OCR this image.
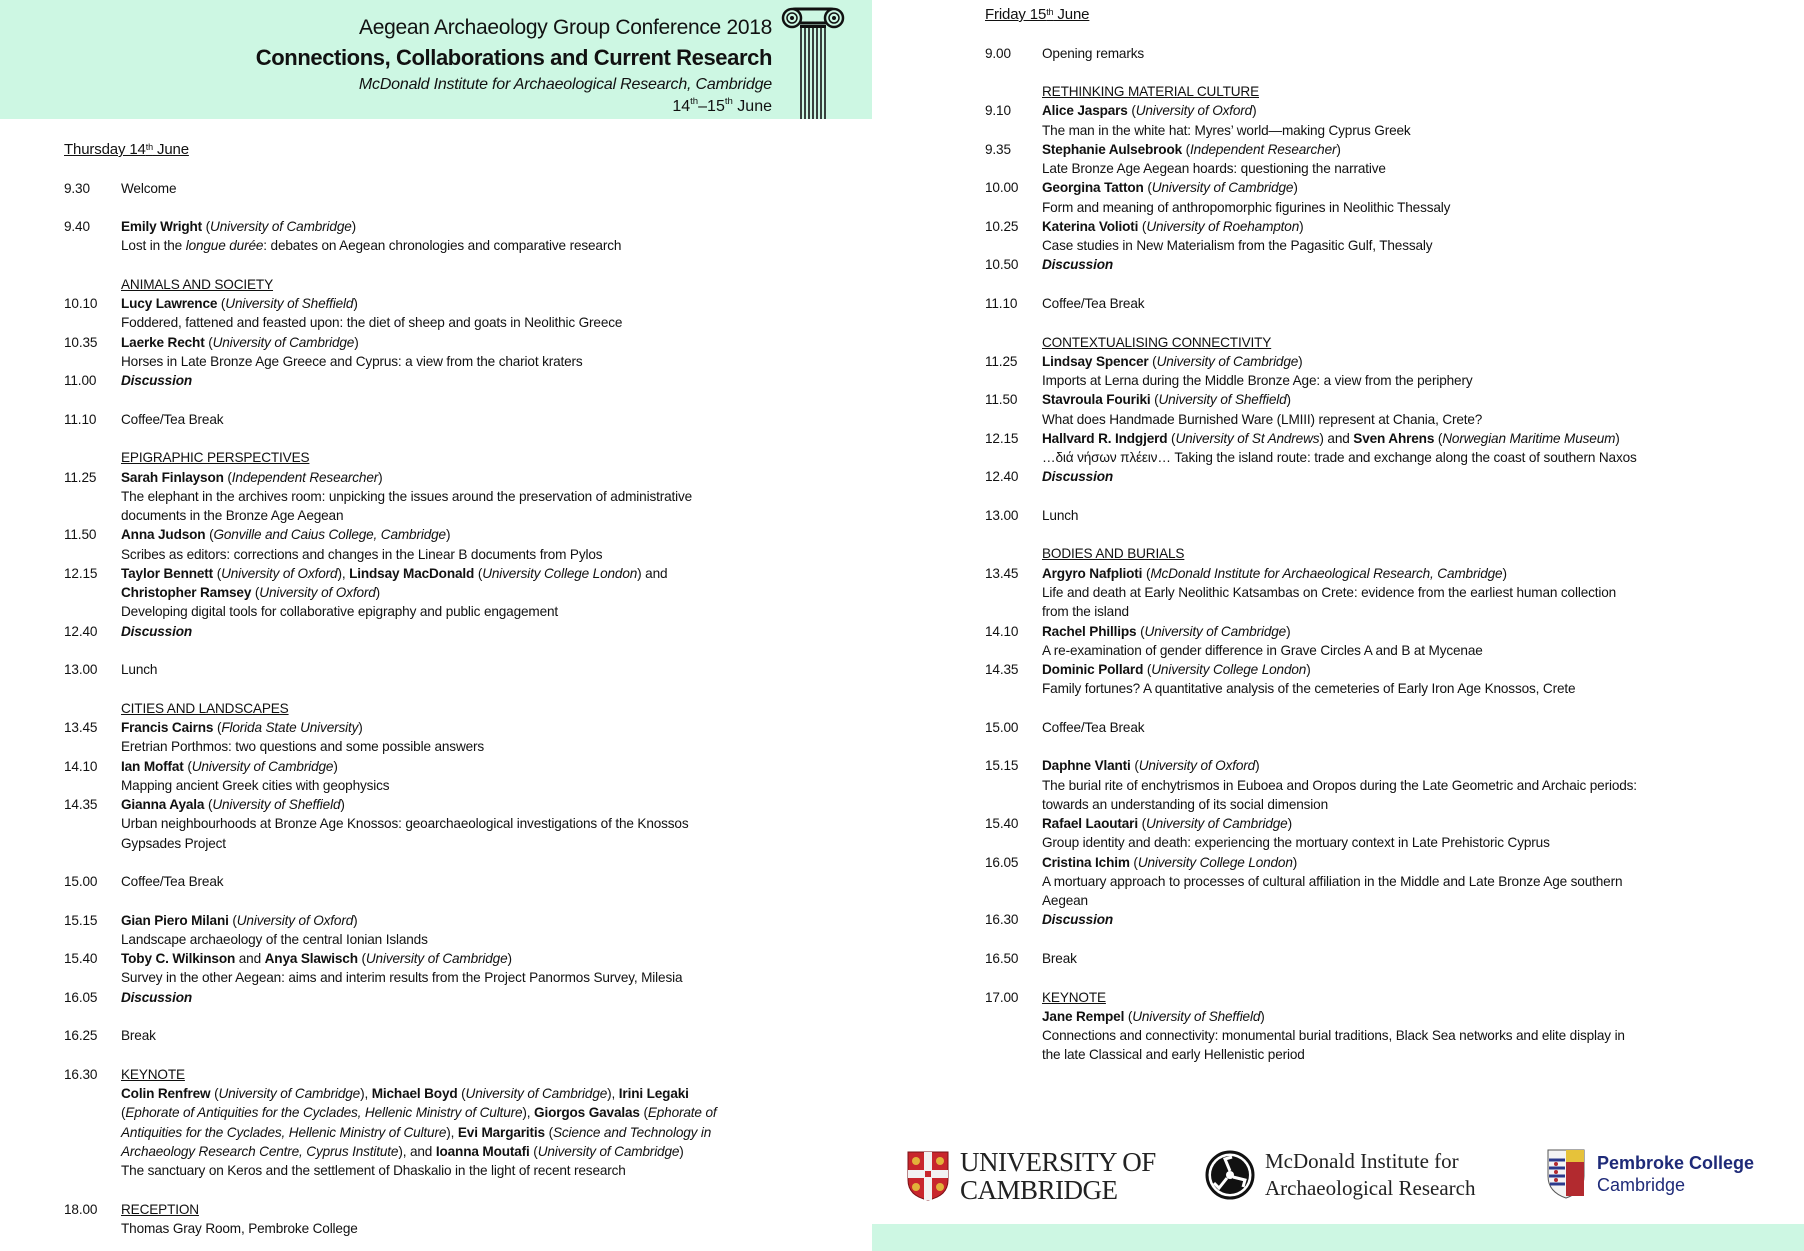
Aegean Archaeology Group Conference 2018
Connections, Collaborations and Current Research
McDonald Institute for Archaeological Research, Cambridge
14th–15th June
Thursday 14th June
9.30	Welcome
9.40	Emily Wright (University of Cambridge)
Lost in the longue durée: debates on Aegean chronologies and comparative research
ANIMALS AND SOCIETY
10.10	Lucy Lawrence (University of Sheffield)
Foddered, fattened and feasted upon: the diet of sheep and goats in Neolithic Greece
10.35	Laerke Recht (University of Cambridge)
Horses in Late Bronze Age Greece and Cyprus: a view from the chariot kraters
11.00	Discussion
11.10	Coffee/Tea Break
EPIGRAPHIC PERSPECTIVES
11.25	Sarah Finlayson (Independent Researcher)
The elephant in the archives room: unpicking the issues around the preservation of administrative
documents in the Bronze Age Aegean
11.50	Anna Judson (Gonville and Caius College, Cambridge)
Scribes as editors: corrections and changes in the Linear B documents from Pylos
12.15	Taylor Bennett (University of Oxford), Lindsay MacDonald (University College London) and
Christopher Ramsey (University of Oxford)
Developing digital tools for collaborative epigraphy and public engagement
12.40	Discussion
13.00	Lunch
CITIES AND LANDSCAPES
13.45	Francis Cairns (Florida State University)
Eretrian Porthmos: two questions and some possible answers
14.10	Ian Moffat (University of Cambridge)
Mapping ancient Greek cities with geophysics
14.35	Gianna Ayala (University of Sheffield)
Urban neighbourhoods at Bronze Age Knossos: geoarchaeological investigations of the Knossos
Gypsades Project
15.00	Coffee/Tea Break
15.15	Gian Piero Milani (University of Oxford)
Landscape archaeology of the central Ionian Islands
15.40	Toby C. Wilkinson and Anya Slawisch (University of Cambridge)
Survey in the other Aegean: aims and interim results from the Project Panormos Survey, Milesia
16.05	Discussion
16.25	Break
16.30	KEYNOTE
Colin Renfrew (University of Cambridge), Michael Boyd (University of Cambridge), Irini Legaki
(Ephorate of Antiquities for the Cyclades, Hellenic Ministry of Culture), Giorgos Gavalas (Ephorate of
Antiquities for the Cyclades, Hellenic Ministry of Culture), Evi Margaritis (Science and Technology in
Archaeology Research Centre, Cyprus Institute), and Ioanna Moutafi (University of Cambridge)
The sanctuary on Keros and the settlement of Dhaskalio in the light of recent research
18.00	RECEPTION
Thomas Gray Room, Pembroke College
Friday 15th June
9.00	Opening remarks
RETHINKING MATERIAL CULTURE
9.10	Alice Jaspars (University of Oxford)
The man in the white hat: Myres’ world—making Cyprus Greek
9.35	Stephanie Aulsebrook (Independent Researcher)
Late Bronze Age Aegean hoards: questioning the narrative
10.00	Georgina Tatton (University of Cambridge)
Form and meaning of anthropomorphic figurines in Neolithic Thessaly
10.25	Katerina Volioti (University of Roehampton)
Case studies in New Materialism from the Pagasitic Gulf, Thessaly
10.50	Discussion
11.10	Coffee/Tea Break
CONTEXTUALISING CONNECTIVITY
11.25	Lindsay Spencer (University of Cambridge)
Imports at Lerna during the Middle Bronze Age: a view from the periphery
11.50	Stavroula Fouriki (University of Sheffield)
What does Handmade Burnished Ware (LMIII) represent at Chania, Crete?
12.15	Hallvard R. Indgjerd (University of St Andrews) and Sven Ahrens (Norwegian Maritime Museum)
…διά νήσων πλέειν… Taking the island route: trade and exchange along the coast of southern Naxos
12.40	Discussion
13.00	Lunch
BODIES AND BURIALS
13.45	Argyro Nafplioti (McDonald Institute for Archaeological Research, Cambridge)
Life and death at Early Neolithic Katsambas on Crete: evidence from the earliest human collection
from the island
14.10	Rachel Phillips (University of Cambridge)
A re-examination of gender difference in Grave Circles A and B at Mycenae
14.35	Dominic Pollard (University College London)
Family fortunes? A quantitative analysis of the cemeteries of Early Iron Age Knossos, Crete
15.00	Coffee/Tea Break
15.15	Daphne Vlanti (University of Oxford)
The burial rite of enchytrismos in Euboea and Oropos during the Late Geometric and Archaic periods:
towards an understanding of its social dimension
15.40	Rafael Laoutari (University of Cambridge)
Group identity and death: experiencing the mortuary context in Late Prehistoric Cyprus
16.05	Cristina Ichim (University College London)
A mortuary approach to processes of cultural affiliation in the Middle and Late Bronze Age southern
Aegean
16.30	Discussion
16.50	Break
17.00	KEYNOTE
Jane Rempel (University of Sheffield)
Connections and connectivity: monumental burial traditions, Black Sea networks and elite display in
the late Classical and early Hellenistic period
UNIVERSITY OF
CAMBRIDGE
McDonald Institute for
Archaeological Research
Pembroke College
Cambridge
